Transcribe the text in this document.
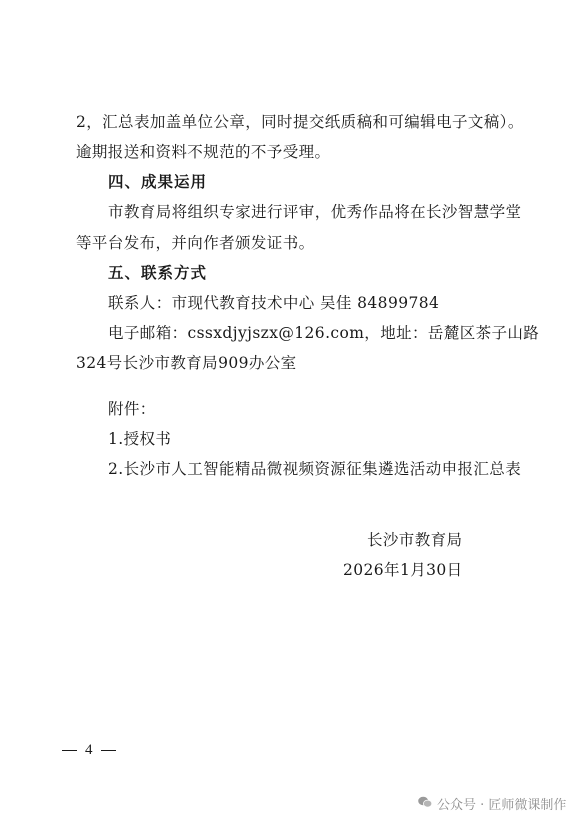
2，汇总表加盖单位公章，同时提交纸质稿和可编辑电子文稿）。
逾期报送和资料不规范的不予受理。
四、成果运用
市教育局将组织专家进行评审，优秀作品将在长沙智慧学堂
等平台发布，并向作者颁发证书。
五、联系方式
联系人：市现代教育技术中心 吴佳 84899784
电子邮箱：cssxdjyjszx@126.com，地址：岳麓区茶子山路
324号长沙市教育局909办公室
附件：
1.授权书
2.长沙市人工智能精品微视频资源征集遴选活动申报汇总表
长沙市教育局
2026年1月30日
4
公众号 · 匠师微课制作
